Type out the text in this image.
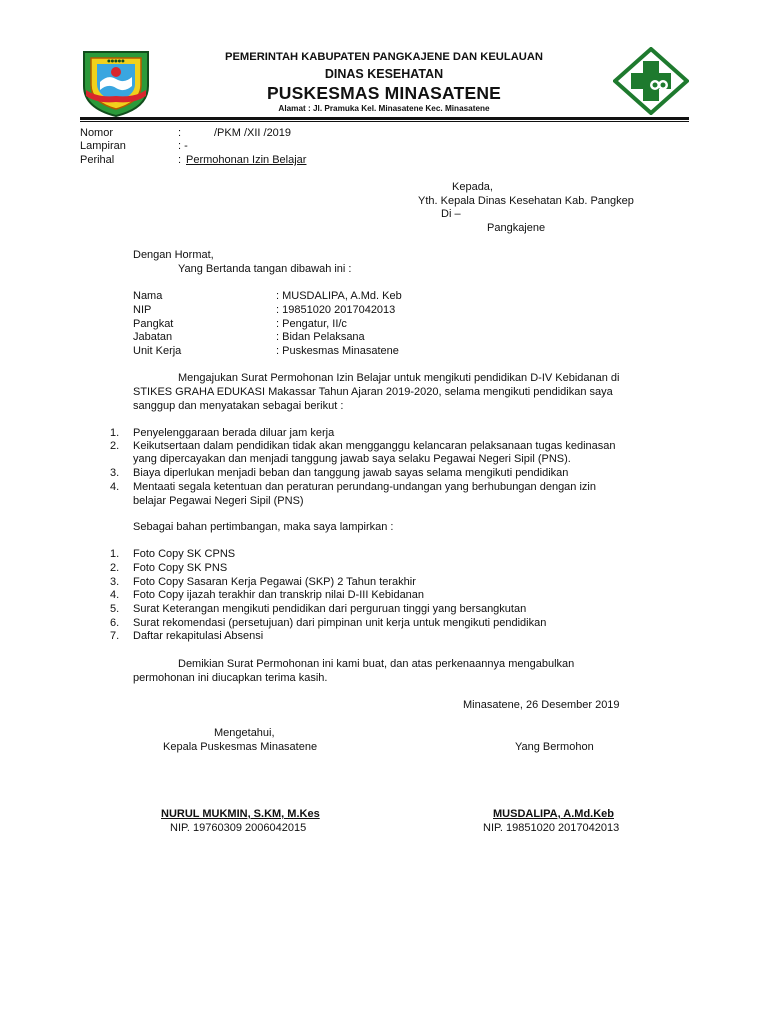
●●●●●	PEMERINTAH KABUPATEN PANGKAJENE DAN KEULAUAN
DINAS KESEHATAN
PUSKESMAS MINASATENE
Alamat : Jl. Pramuka Kel. Minasatene Kec. Minasatene
Nomor	:	/PKM /XII /2019
Lampiran	: -
Perihal	: Permohonan Izin Belajar
Kepada,
Yth. Kepala Dinas Kesehatan Kab. Pangkep
Di –
Pangkajene
Dengan Hormat,
Yang Bertanda tangan dibawah ini :
Nama	: MUSDALIPA, A.Md. Keb
NIP	: 19851020 2017042013
Pangkat	: Pengatur, II/c
Jabatan	: Bidan Pelaksana
Unit Kerja	: Puskesmas Minasatene
Mengajukan Surat Permohonan Izin Belajar untuk mengikuti pendidikan D-IV Kebidanan di
STIKES GRAHA EDUKASI Makassar Tahun Ajaran 2019-2020, selama mengikuti pendidikan saya
sanggup dan menyatakan sebagai berikut :
1. Penyelenggaraan berada diluar jam kerja
2. Keikutsertaan dalam pendidikan tidak akan mengganggu kelancaran pelaksanaan tugas kedinasan
yang dipercayakan dan menjadi tanggung jawab saya selaku Pegawai Negeri Sipil (PNS).
3. Biaya diperlukan menjadi beban dan tanggung jawab sayas selama mengikuti pendidikan
4. Mentaati segala ketentuan dan peraturan perundang-undangan yang berhubungan dengan izin
belajar Pegawai Negeri Sipil (PNS)
Sebagai bahan pertimbangan, maka saya lampirkan :
1. Foto Copy SK CPNS
2. Foto Copy SK PNS
3. Foto Copy Sasaran Kerja Pegawai (SKP) 2 Tahun terakhir
4. Foto Copy ijazah terakhir dan transkrip nilai D-III Kebidanan
5. Surat Keterangan mengikuti pendidikan dari perguruan tinggi yang bersangkutan
6. Surat rekomendasi (persetujuan) dari pimpinan unit kerja untuk mengikuti pendidikan
7. Daftar rekapitulasi Absensi
Demikian Surat Permohonan ini kami buat, dan atas perkenaannya mengabulkan
permohonan ini diucapkan terima kasih.
Minasatene, 26 Desember 2019
Mengetahui,
Kepala Puskesmas Minasatene	Yang Bermohon
NURUL MUKMIN, S.KM, M.Kes
NIP. 19760309 2006042015
MUSDALIPA, A.Md.Keb
NIP. 19851020 2017042013
